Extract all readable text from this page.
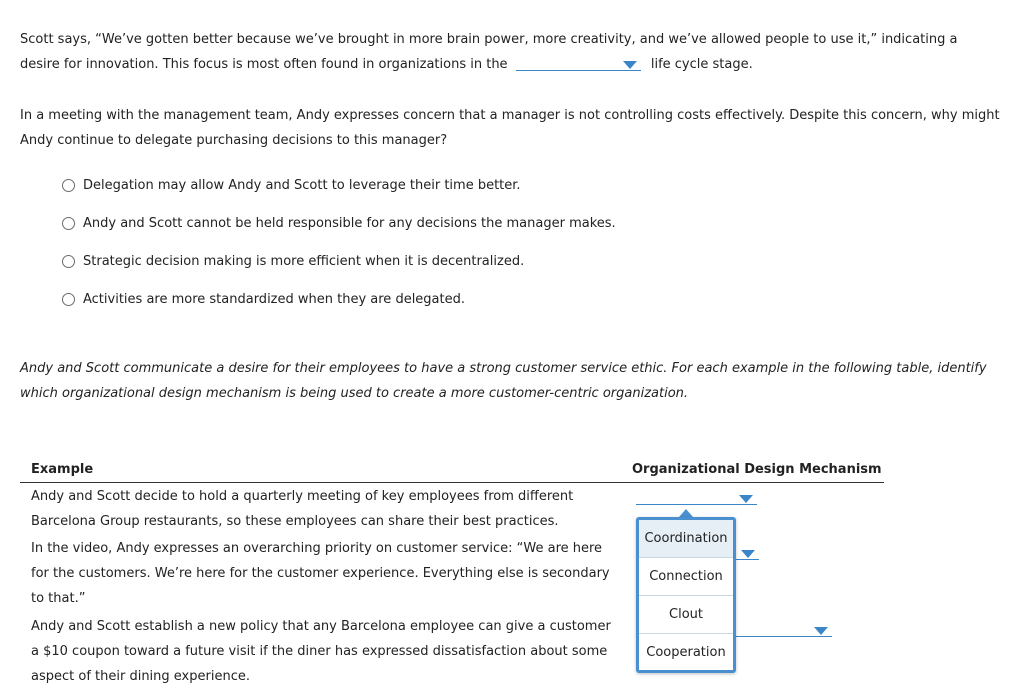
Scott says, “We’ve gotten better because we’ve brought in more brain power, more creativity, and we’ve allowed people to use it,” indicating a desire for innovation. This focus is most often found in organizations in the	life cycle stage.

In a meeting with the management team, Andy expresses concern that a manager is not controlling costs effectively. Despite this concern, why might Andy continue to delegate purchasing decisions to this manager?

Delegation may allow Andy and Scott to leverage their time better.
Andy and Scott cannot be held responsible for any decisions the manager makes.
Strategic decision making is more efficient when it is decentralized.
Activities are more standardized when they are delegated.

Andy and Scott communicate a desire for their employees to have a strong customer service ethic. For each example in the following table, identify which organizational design mechanism is being used to create a more customer-centric organization.

Example	Organizational Design Mechanism

Andy and Scott decide to hold a quarterly meeting of key employees from different Barcelona Group restaurants, so these employees can share their best practices.

In the video, Andy expresses an overarching priority on customer service: “We are here for the customers. We’re here for the customer experience. Everything else is secondary to that.”

Andy and Scott establish a new policy that any Barcelona employee can give a customer a $10 coupon toward a future visit if the diner has expressed dissatisfaction about some aspect of their dining experience.

Coordination
Connection
Clout
Cooperation
